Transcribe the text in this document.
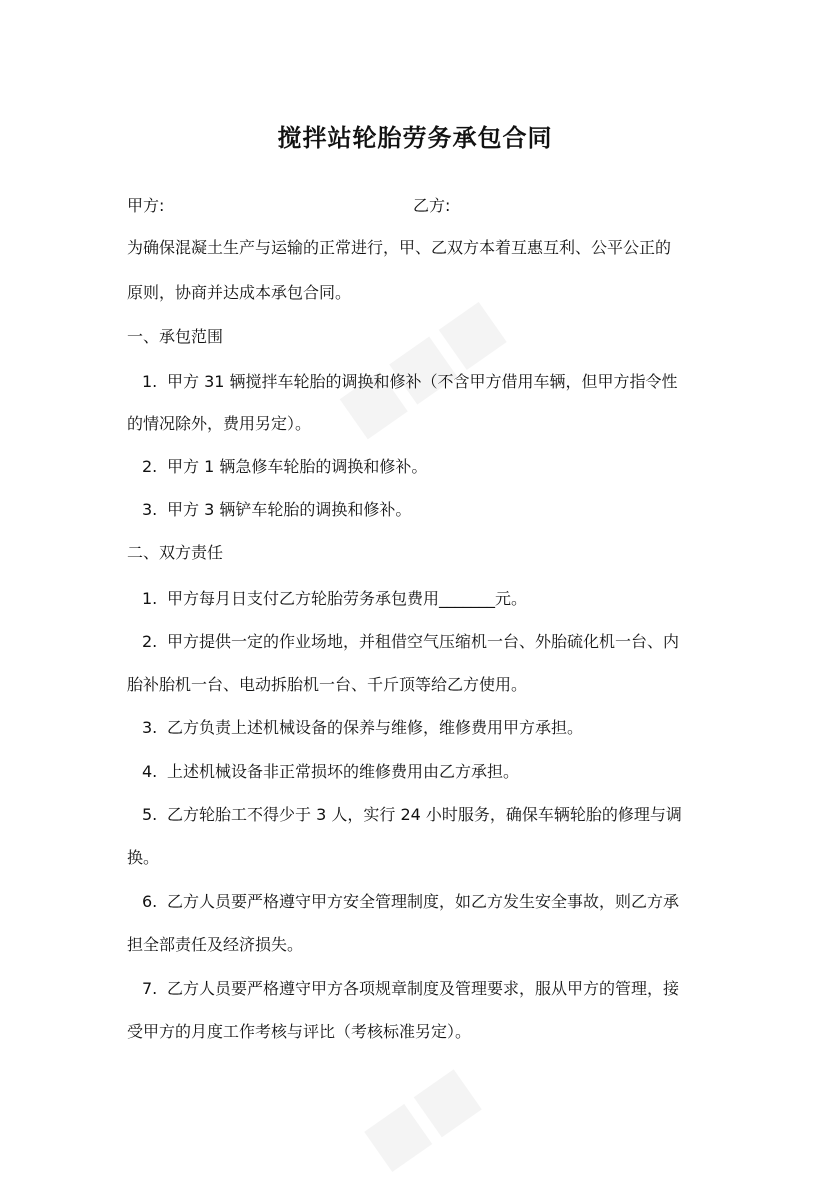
搅拌站轮胎劳务承包合同
甲方:	乙方:
为确保混凝土生产与运输的正常进行，甲、乙双方本着互惠互利、公平公正的
原则，协商并达成本承包合同。
一、承包范围
1. 甲方 31 辆搅拌车轮胎的调换和修补（不含甲方借用车辆，但甲方指令性
的情况除外，费用另定）。
2. 甲方 1 辆急修车轮胎的调换和修补。
3. 甲方 3 辆铲车轮胎的调换和修补。
二、双方责任
1. 甲方每月日支付乙方轮胎劳务承包费用_______元。
2. 甲方提供一定的作业场地，并租借空气压缩机一台、外胎硫化机一台、内
胎补胎机一台、电动拆胎机一台、千斤顶等给乙方使用。
3. 乙方负责上述机械设备的保养与维修，维修费用甲方承担。
4. 上述机械设备非正常损坏的维修费用由乙方承担。
5. 乙方轮胎工不得少于 3 人，实行 24 小时服务，确保车辆轮胎的修理与调
换。
6. 乙方人员要严格遵守甲方安全管理制度，如乙方发生安全事故，则乙方承
担全部责任及经济损失。
7. 乙方人员要严格遵守甲方各项规章制度及管理要求，服从甲方的管理，接
受甲方的月度工作考核与评比（考核标准另定）。
